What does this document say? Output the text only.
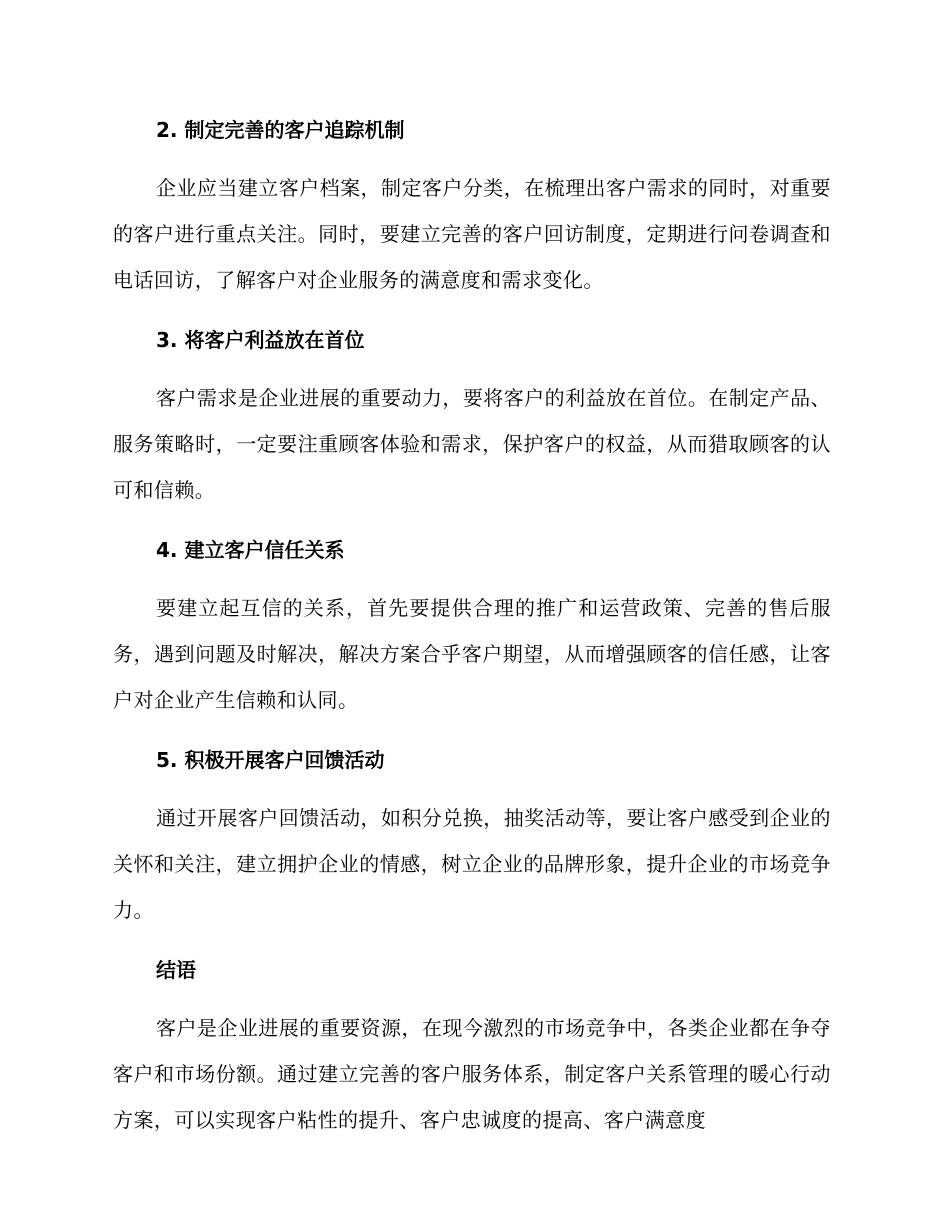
2. 制定完善的客户追踪机制

企业应当建立客户档案，制定客户分类，在梳理出客户需求的同时，对重要的客户进行重点关注。同时，要建立完善的客户回访制度，定期进行问卷调查和电话回访，了解客户对企业服务的满意度和需求变化。

3. 将客户利益放在首位

客户需求是企业进展的重要动力，要将客户的利益放在首位。在制定产品、服务策略时，一定要注重顾客体验和需求，保护客户的权益，从而猎取顾客的认可和信赖。

4. 建立客户信任关系

要建立起互信的关系，首先要提供合理的推广和运营政策、完善的售后服务，遇到问题及时解决，解决方案合乎客户期望，从而增强顾客的信任感，让客户对企业产生信赖和认同。

5. 积极开展客户回馈活动

通过开展客户回馈活动，如积分兑换，抽奖活动等，要让客户感受到企业的关怀和关注，建立拥护企业的情感，树立企业的品牌形象，提升企业的市场竞争力。

结语

客户是企业进展的重要资源，在现今激烈的市场竞争中，各类企业都在争夺客户和市场份额。通过建立完善的客户服务体系，制定客户关系管理的暖心行动方案，可以实现客户粘性的提升、客户忠诚度的提高、客户满意度
